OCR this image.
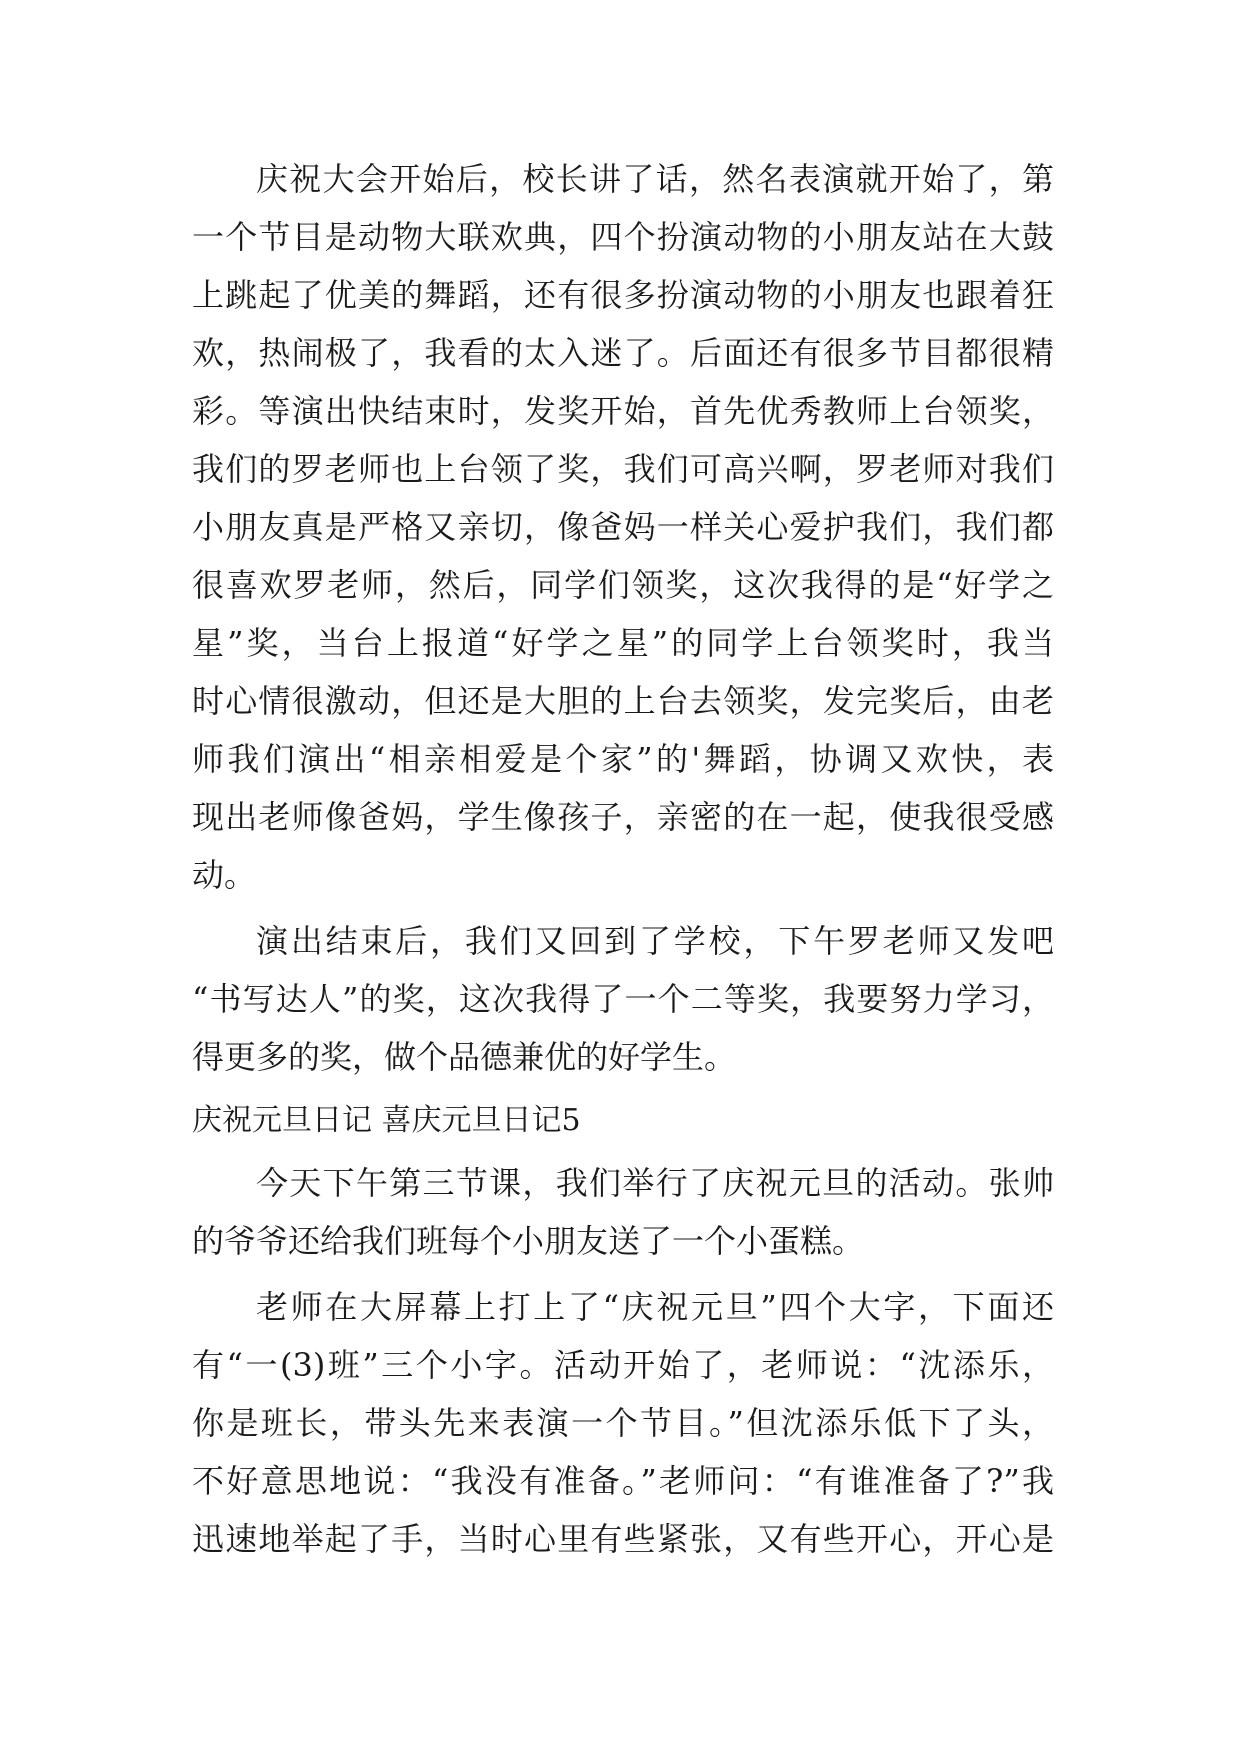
庆祝大会开始后，校长讲了话，然名表演就开始了，第
一个节目是动物大联欢典，四个扮演动物的小朋友站在大鼓
上跳起了优美的舞蹈，还有很多扮演动物的小朋友也跟着狂
欢，热闹极了，我看的太入迷了。后面还有很多节目都很精
彩。等演出快结束时，发奖开始，首先优秀教师上台领奖，
我们的罗老师也上台领了奖，我们可高兴啊，罗老师对我们
小朋友真是严格又亲切，像爸妈一样关心爱护我们，我们都
很喜欢罗老师，然后，同学们领奖，这次我得的是“好学之
星”奖，当台上报道“好学之星”的同学上台领奖时，我当
时心情很激动，但还是大胆的上台去领奖，发完奖后，由老
师我们演出“相亲相爱是个家”的'舞蹈，协调又欢快，表
现出老师像爸妈，学生像孩子，亲密的在一起，使我很受感
动。
演出结束后，我们又回到了学校，下午罗老师又发吧
“书写达人”的奖，这次我得了一个二等奖，我要努力学习，
得更多的奖，做个品德兼优的好学生。
庆祝元旦日记 喜庆元旦日记5
今天下午第三节课，我们举行了庆祝元旦的活动。张帅
的爷爷还给我们班每个小朋友送了一个小蛋糕。
老师在大屏幕上打上了“庆祝元旦”四个大字，下面还
有“一(3)班”三个小字。活动开始了，老师说：“沈添乐，
你是班长，带头先来表演一个节目。”但沈添乐低下了头，
不好意思地说：“我没有准备。”老师问：“有谁准备了?”我
迅速地举起了手，当时心里有些紧张，又有些开心，开心是
